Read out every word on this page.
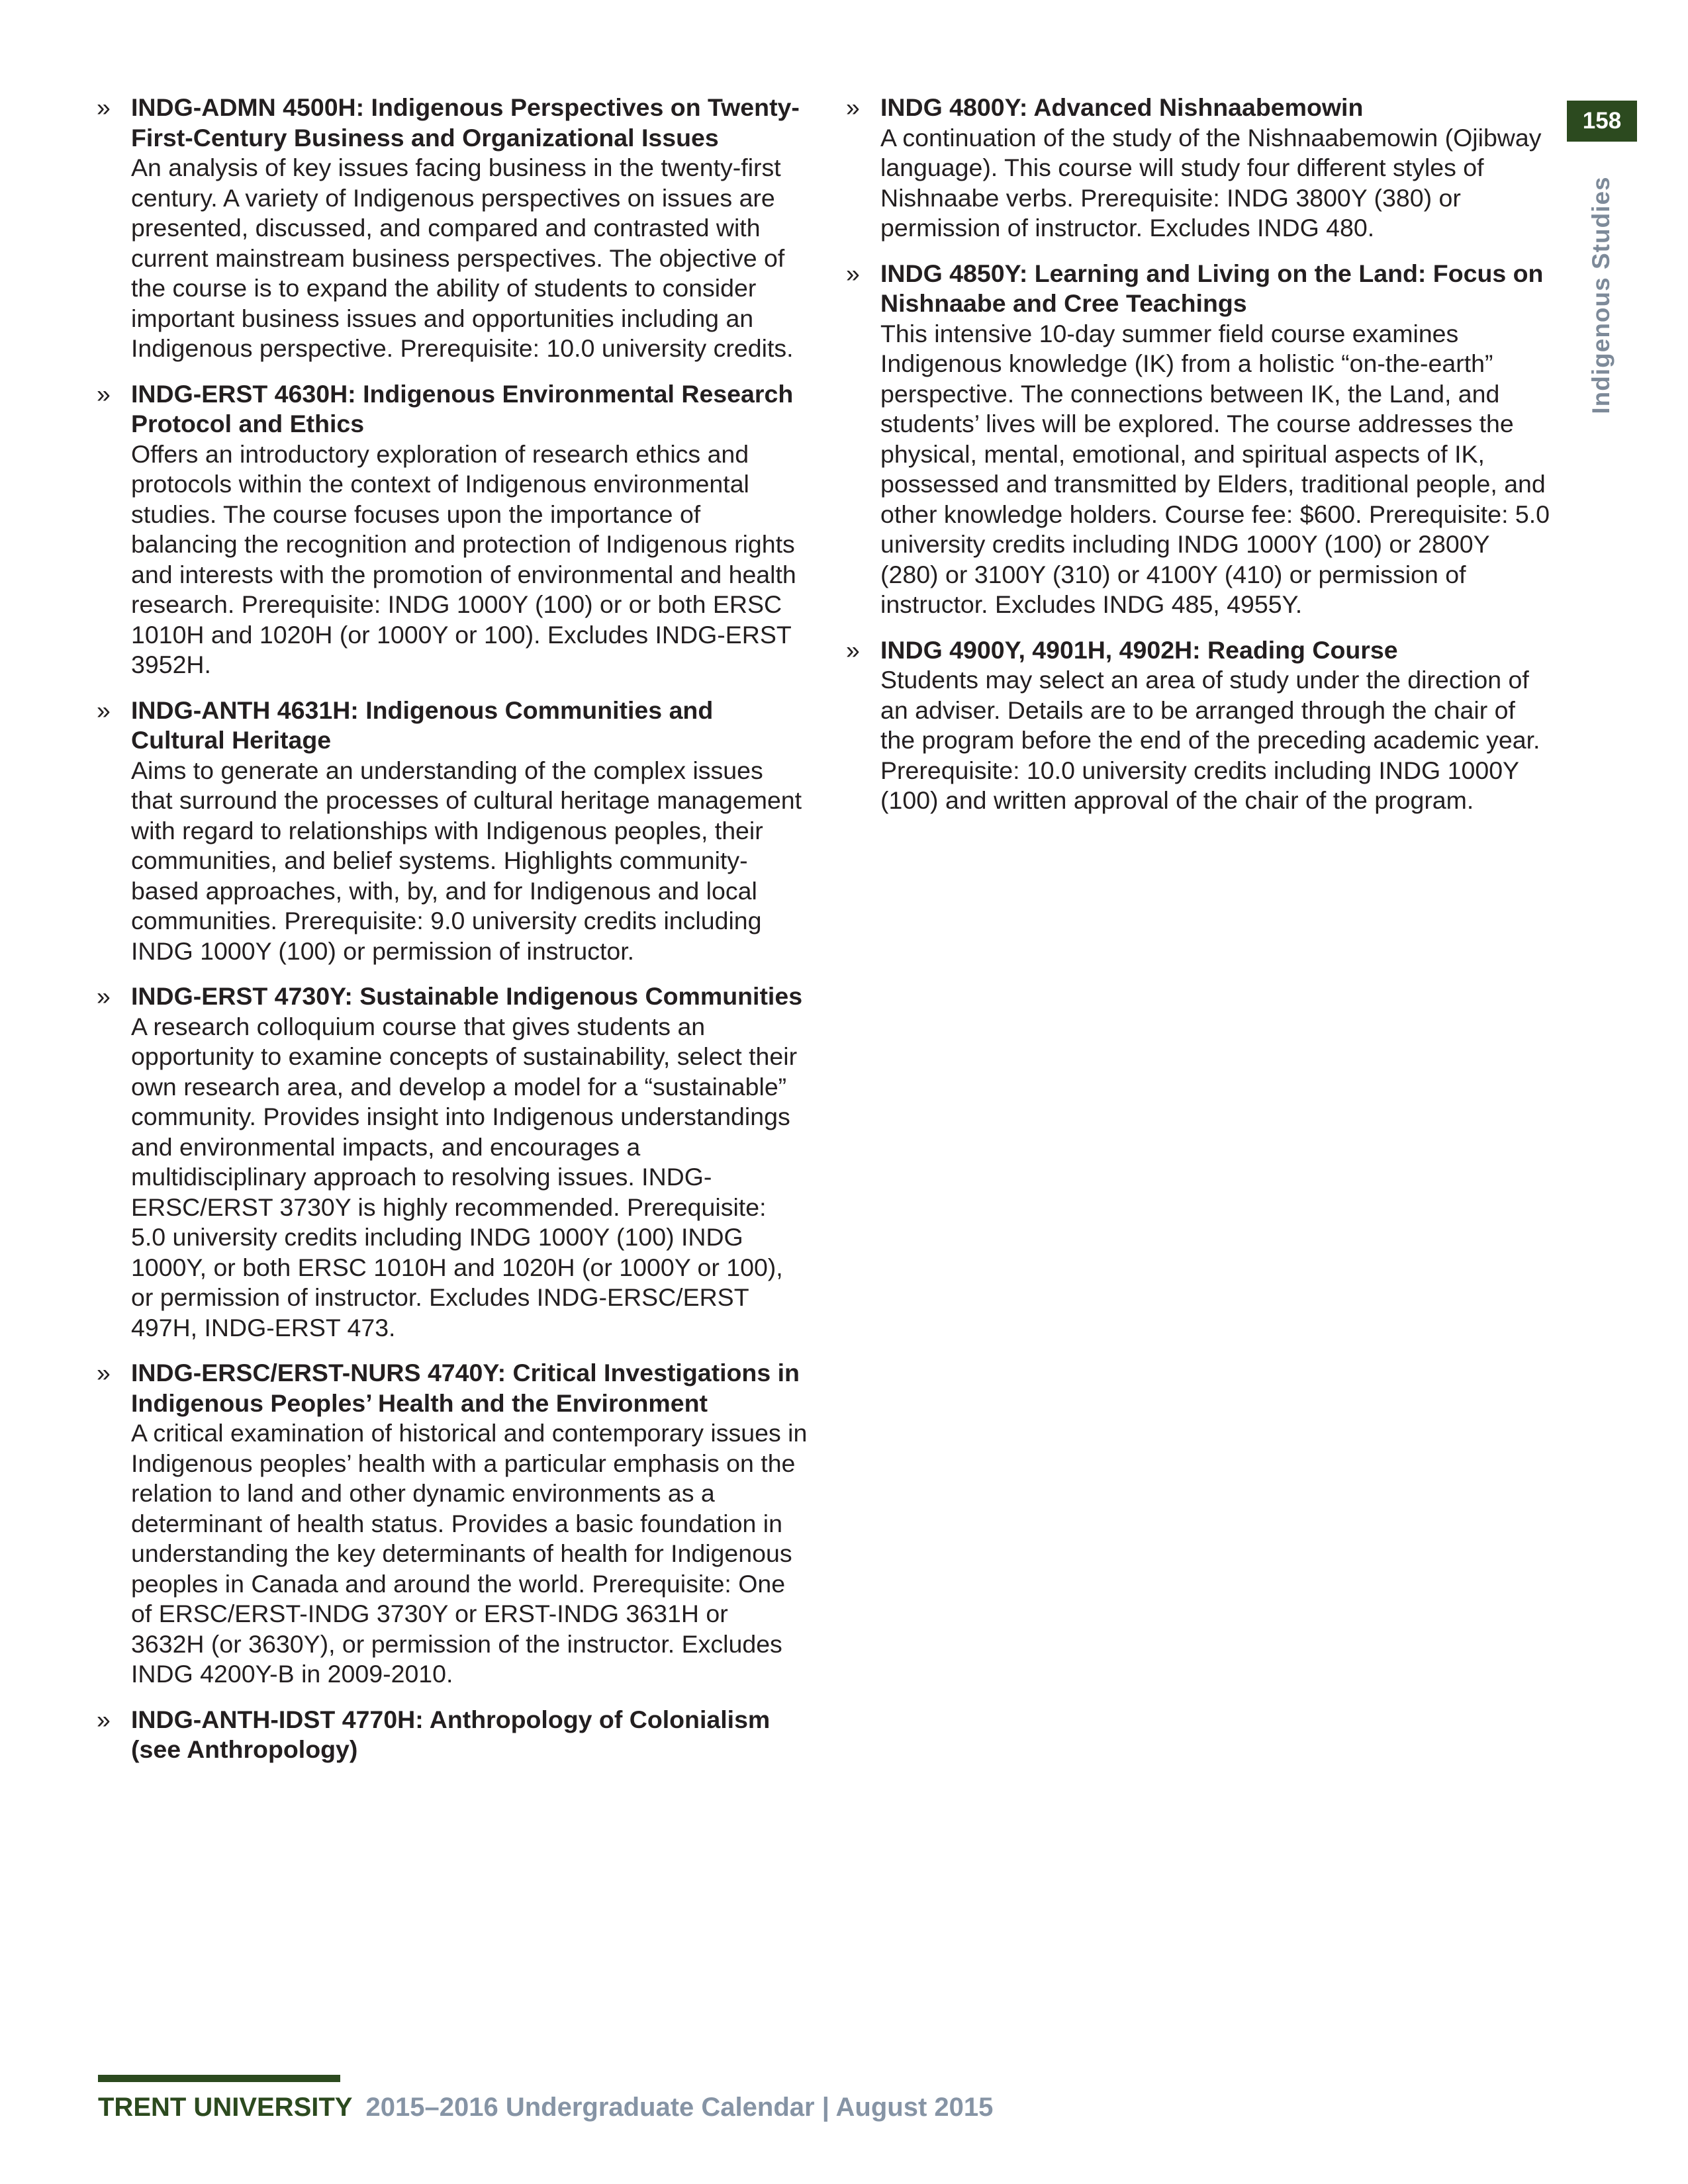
» INDG-ADMN 4500H: Indigenous Perspectives on Twenty-First-Century Business and Organizational Issues
An analysis of key issues facing business in the twenty-first century. A variety of Indigenous perspectives on issues are presented, discussed, and compared and contrasted with current mainstream business perspectives. The objective of the course is to expand the ability of students to consider important business issues and opportunities including an Indigenous perspective. Prerequisite: 10.0 university credits.
» INDG-ERST 4630H: Indigenous Environmental Research Protocol and Ethics
Offers an introductory exploration of research ethics and protocols within the context of Indigenous environmental studies. The course focuses upon the importance of balancing the recognition and protection of Indigenous rights and interests with the promotion of environmental and health research. Prerequisite: INDG 1000Y (100) or or both ERSC 1010H and 1020H (or 1000Y or 100). Excludes INDG-ERST 3952H.
» INDG-ANTH 4631H: Indigenous Communities and Cultural Heritage
Aims to generate an understanding of the complex issues that surround the processes of cultural heritage management with regard to relationships with Indigenous peoples, their communities, and belief systems. Highlights community-based approaches, with, by, and for Indigenous and local communities. Prerequisite: 9.0 university credits including INDG 1000Y (100) or permission of instructor.
» INDG-ERST 4730Y: Sustainable Indigenous Communities
A research colloquium course that gives students an opportunity to examine concepts of sustainability, select their own research area, and develop a model for a “sustainable” community. Provides insight into Indigenous understandings and environmental impacts, and encourages a multidisciplinary approach to resolving issues. INDG-ERSC/ERST 3730Y is highly recommended. Prerequisite: 5.0 university credits including INDG 1000Y (100) INDG 1000Y, or both ERSC 1010H and 1020H (or 1000Y or 100), or permission of instructor. Excludes INDG-ERSC/ERST 497H, INDG-ERST 473.
» INDG-ERSC/ERST-NURS 4740Y: Critical Investigations in Indigenous Peoples’ Health and the Environment
A critical examination of historical and contemporary issues in Indigenous peoples’ health with a particular emphasis on the relation to land and other dynamic environments as a determinant of health status. Provides a basic foundation in understanding the key determinants of health for Indigenous peoples in Canada and around the world. Prerequisite: One of ERSC/ERST-INDG 3730Y or ERST-INDG 3631H or 3632H (or 3630Y), or permission of the instructor. Excludes INDG 4200Y-B in 2009-2010.
» INDG-ANTH-IDST 4770H: Anthropology of Colonialism (see Anthropology)
» INDG 4800Y: Advanced Nishnaabemowin
A continuation of the study of the Nishnaabemowin (Ojibway language). This course will study four different styles of Nishnaabe verbs. Prerequisite: INDG 3800Y (380) or permission of instructor. Excludes INDG 480.
» INDG 4850Y: Learning and Living on the Land: Focus on Nishnaabe and Cree Teachings
This intensive 10-day summer field course examines Indigenous knowledge (IK) from a holistic “on-the-earth” perspective. The connections between IK, the Land, and students’ lives will be explored. The course addresses the physical, mental, emotional, and spiritual aspects of IK, possessed and transmitted by Elders, traditional people, and other knowledge holders. Course fee: $600. Prerequisite: 5.0 university credits including INDG 1000Y (100) or 2800Y (280) or 3100Y (310) or 4100Y (410) or permission of instructor. Excludes INDG 485, 4955Y.
» INDG 4900Y, 4901H, 4902H: Reading Course
Students may select an area of study under the direction of an adviser. Details are to be arranged through the chair of the program before the end of the preceding academic year. Prerequisite: 10.0 university credits including INDG 1000Y (100) and written approval of the chair of the program.
158
Indigenous Studies
TRENT UNIVERSITY 2015–2016 Undergraduate Calendar | August 2015
